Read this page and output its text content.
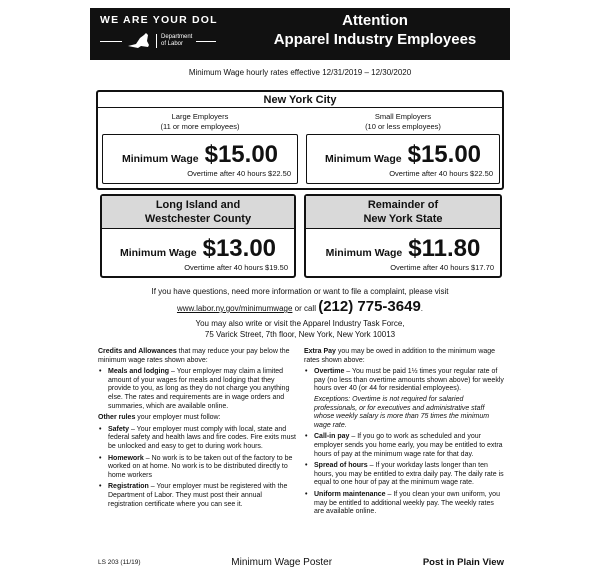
WE ARE YOUR DOL
Department
of Labor
Attention
Apparel Industry Employees
Minimum Wage hourly rates effective 12/31/2019 – 12/30/2020
New York City
Large Employers
(11 or more employees)
Minimum Wage $15.00
Overtime after 40 hours $22.50
Small Employers
(10 or less employees)
Minimum Wage $15.00
Overtime after 40 hours $22.50
Long Island and
Westchester County
Minimum Wage $13.00
Overtime after 40 hours $19.50
Remainder of
New York State
Minimum Wage $11.80
Overtime after 40 hours $17.70
If you have questions, need more information or want to file a complaint, please visit
www.labor.ny.gov/minimumwage or call (212) 775-3649.
You may also write or visit the Apparel Industry Task Force,
75 Varick Street, 7th floor, New York, New York 10013

Credits and Allowances that may reduce your pay below the minimum wage rates shown above:

• Meals and lodging – Your employer may claim a limited amount of your wages for meals and lodging that they provide to you, as long as they do not charge you anything else. The rates and requirements are in wage orders and summaries, which are available online.

Other rules your employer must follow:

• Safety – Your employer must comply with local, state and federal safety and health laws and fire codes. Fire exits must be unlocked and easy to get to during work hours.
• Homework – No work is to be taken out of the factory to be worked on at home. No work is to be distributed directly to home workers
• Registration – Your employer must be registered with the Department of Labor. They must post their annual registration certificate where you can see it.

Extra Pay you may be owed in addition to the minimum wage rates shown above:

• Overtime – You must be paid 1½ times your regular rate of pay (no less than overtime amounts shown above) for weekly hours over 40 (or 44 for residential employees).
Exceptions: Overtime is not required for salaried professionals, or for executives and administrative staff whose weekly salary is more than 75 times the minimum wage rate.
• Call-in pay – If you go to work as scheduled and your employer sends you home early, you may be entitled to extra hours of pay at the minimum wage rate for that day.
• Spread of hours – If your workday lasts longer than ten hours, you may be entitled to extra daily pay. The daily rate is equal to one hour of pay at the minimum wage rate.
• Uniform maintenance – If you clean your own uniform, you may be entitled to additional weekly pay. The weekly rates are available online.
LS 203 (11/19)	Minimum Wage Poster	Post in Plain View
